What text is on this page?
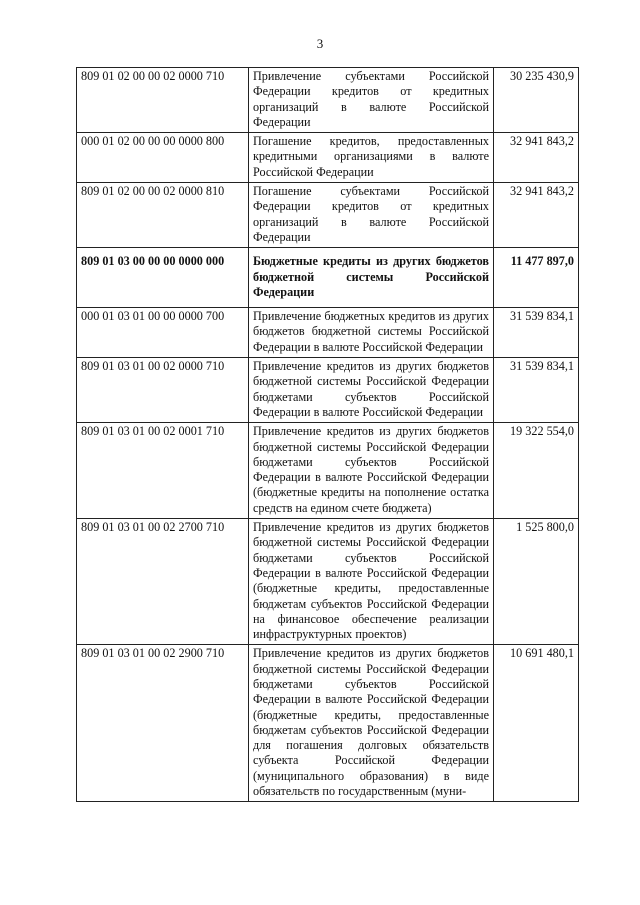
3
809 01 02 00 00 02 0000 710	Привлечение субъектами Российской Федерации кредитов от кредитных организаций в валюте Российской Федерации	30 235 430,9
000 01 02 00 00 00 0000 800	Погашение кредитов, предоставленных кредитными организациями в валюте Российской Федерации	32 941 843,2
809 01 02 00 00 02 0000 810	Погашение субъектами Российской Федерации кредитов от кредитных организаций в валюте Российской Федерации	32 941 843,2
809 01 03 00 00 00 0000 000	Бюджетные кредиты из других бюджетов бюджетной системы Российской Федерации	11 477 897,0
000 01 03 01 00 00 0000 700	Привлечение бюджетных кредитов из других бюджетов бюджетной системы Российской Федерации в валюте Российской Федерации	31 539 834,1
809 01 03 01 00 02 0000 710	Привлечение кредитов из других бюджетов бюджетной системы Российской Федерации бюджетами субъектов Российской Федерации в валюте Российской Федерации	31 539 834,1
809 01 03 01 00 02 0001 710	Привлечение кредитов из других бюджетов бюджетной системы Российской Федерации бюджетами субъектов Российской Федерации в валюте Российской Федерации (бюджетные кредиты на пополнение остатка средств на едином счете бюджета)	19 322 554,0
809 01 03 01 00 02 2700 710	Привлечение кредитов из других бюджетов бюджетной системы Российской Федерации бюджетами субъектов Российской Федерации в валюте Российской Федерации (бюджетные кредиты, предоставленные бюджетам субъектов Российской Федерации на финансовое обеспечение реализации инфраструктурных проектов)	1 525 800,0
809 01 03 01 00 02 2900 710	Привлечение кредитов из других бюджетов бюджетной системы Российской Федерации бюджетами субъектов Российской Федерации в валюте Российской Федерации (бюджетные кредиты, предоставленные бюджетам субъектов Российской Федерации для погашения долговых обязательств субъекта Российской Федерации (муниципального образования) в виде обязательств по государственным (муни-	10 691 480,1
